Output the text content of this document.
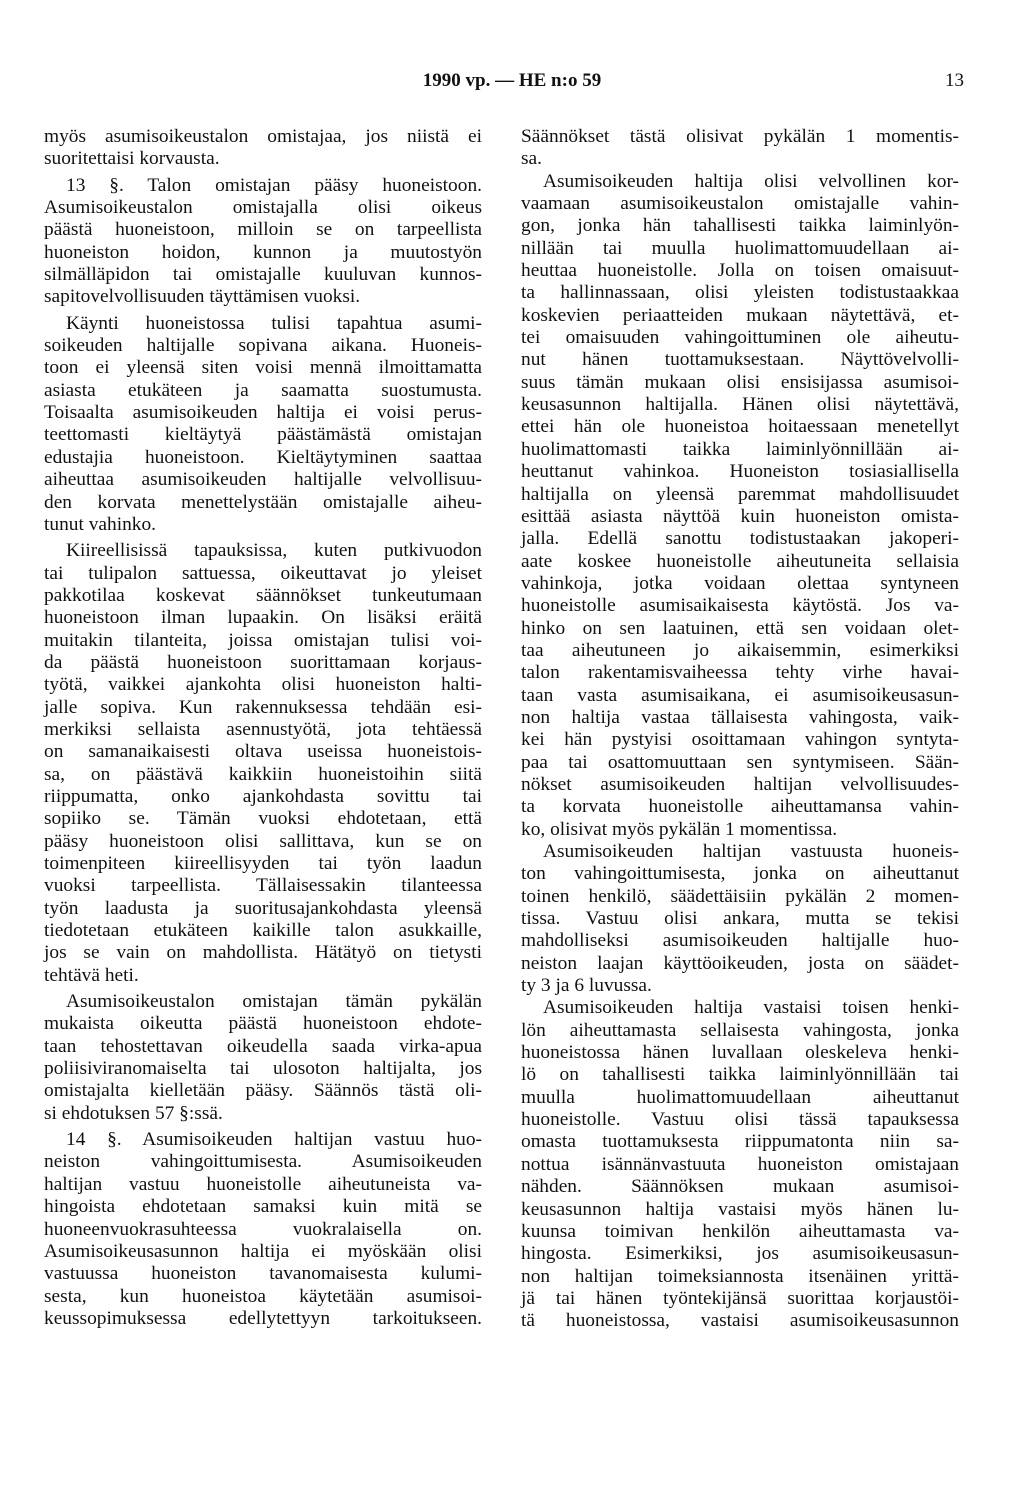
1990 vp. — HE n:o 59	13
myös asumisoikeustalon omistajaa, jos niistä ei
suoritettaisi korvausta.
13 §. Talon omistajan pääsy huoneistoon.
Asumisoikeustalon omistajalla olisi oikeus
päästä huoneistoon, milloin se on tarpeellista
huoneiston hoidon, kunnon ja muutostyön
silmälläpidon tai omistajalle kuuluvan kunnos-
sapitovelvollisuuden täyttämisen vuoksi.
Käynti huoneistossa tulisi tapahtua asumi-
soikeuden haltijalle sopivana aikana. Huoneis-
toon ei yleensä siten voisi mennä ilmoittamatta
asiasta etukäteen ja saamatta suostumusta.
Toisaalta asumisoikeuden haltija ei voisi perus-
teettomasti kieltäytyä päästämästä omistajan
edustajia huoneistoon. Kieltäytyminen saattaa
aiheuttaa asumisoikeuden haltijalle velvollisuu-
den korvata menettelystään omistajalle aiheu-
tunut vahinko.
Kiireellisissä tapauksissa, kuten putkivuodon
tai tulipalon sattuessa, oikeuttavat jo yleiset
pakkotilaa koskevat säännökset tunkeutumaan
huoneistoon ilman lupaakin. On lisäksi eräitä
muitakin tilanteita, joissa omistajan tulisi voi-
da päästä huoneistoon suorittamaan korjaus-
työtä, vaikkei ajankohta olisi huoneiston halti-
jalle sopiva. Kun rakennuksessa tehdään esi-
merkiksi sellaista asennustyötä, jota tehtäessä
on samanaikaisesti oltava useissa huoneistois-
sa, on päästävä kaikkiin huoneistoihin siitä
riippumatta, onko ajankohdasta sovittu tai
sopiiko se. Tämän vuoksi ehdotetaan, että
pääsy huoneistoon olisi sallittava, kun se on
toimenpiteen kiireellisyyden tai työn laadun
vuoksi tarpeellista. Tällaisessakin tilanteessa
työn laadusta ja suoritusajankohdasta yleensä
tiedotetaan etukäteen kaikille talon asukkaille,
jos se vain on mahdollista. Hätätyö on tietysti
tehtävä heti.
Asumisoikeustalon omistajan tämän pykälän
mukaista oikeutta päästä huoneistoon ehdote-
taan tehostettavan oikeudella saada virka-apua
poliisiviranomaiselta tai ulosoton haltijalta, jos
omistajalta kielletään pääsy. Säännös tästä oli-
si ehdotuksen 57 §:ssä.
14 §. Asumisoikeuden haltijan vastuu huo-
neiston vahingoittumisesta. Asumisoikeuden
haltijan vastuu huoneistolle aiheutuneista va-
hingoista ehdotetaan samaksi kuin mitä se
huoneenvuokrasuhteessa vuokralaisella on.
Asumisoikeusasunnon haltija ei myöskään olisi
vastuussa huoneiston tavanomaisesta kulumi-
sesta, kun huoneistoa käytetään asumisoi-
keussopimuksessa edellytettyyn tarkoitukseen.
Säännökset tästä olisivat pykälän 1 momentis-
sa.
Asumisoikeuden haltija olisi velvollinen kor-
vaamaan asumisoikeustalon omistajalle vahin-
gon, jonka hän tahallisesti taikka laiminlyön-
nillään tai muulla huolimattomuudellaan ai-
heuttaa huoneistolle. Jolla on toisen omaisuut-
ta hallinnassaan, olisi yleisten todistustaakkaa
koskevien periaatteiden mukaan näytettävä, et-
tei omaisuuden vahingoittuminen ole aiheutu-
nut hänen tuottamuksestaan. Näyttövelvolli-
suus tämän mukaan olisi ensisijassa asumisoi-
keusasunnon haltijalla. Hänen olisi näytettävä,
ettei hän ole huoneistoa hoitaessaan menetellyt
huolimattomasti taikka laiminlyönnillään ai-
heuttanut vahinkoa. Huoneiston tosiasiallisella
haltijalla on yleensä paremmat mahdollisuudet
esittää asiasta näyttöä kuin huoneiston omista-
jalla. Edellä sanottu todistustaakan jakoperi-
aate koskee huoneistolle aiheutuneita sellaisia
vahinkoja, jotka voidaan olettaa syntyneen
huoneistolle asumisaikaisesta käytöstä. Jos va-
hinko on sen laatuinen, että sen voidaan olet-
taa aiheutuneen jo aikaisemmin, esimerkiksi
talon rakentamisvaiheessa tehty virhe havai-
taan vasta asumisaikana, ei asumisoikeusasun-
non haltija vastaa tällaisesta vahingosta, vaik-
kei hän pystyisi osoittamaan vahingon syntyta-
paa tai osattomuuttaan sen syntymiseen. Sään-
nökset asumisoikeuden haltijan velvollisuudes-
ta korvata huoneistolle aiheuttamansa vahin-
ko, olisivat myös pykälän 1 momentissa.
Asumisoikeuden haltijan vastuusta huoneis-
ton vahingoittumisesta, jonka on aiheuttanut
toinen henkilö, säädettäisiin pykälän 2 momen-
tissa. Vastuu olisi ankara, mutta se tekisi
mahdolliseksi asumisoikeuden haltijalle huo-
neiston laajan käyttöoikeuden, josta on säädet-
ty 3 ja 6 luvussa.
Asumisoikeuden haltija vastaisi toisen henki-
lön aiheuttamasta sellaisesta vahingosta, jonka
huoneistossa hänen luvallaan oleskeleva henki-
lö on tahallisesti taikka laiminlyönnillään tai
muulla huolimattomuudellaan aiheuttanut
huoneistolle. Vastuu olisi tässä tapauksessa
omasta tuottamuksesta riippumatonta niin sa-
nottua isännänvastuuta huoneiston omistajaan
nähden. Säännöksen mukaan asumisoi-
keusasunnon haltija vastaisi myös hänen lu-
kuunsa toimivan henkilön aiheuttamasta va-
hingosta. Esimerkiksi, jos asumisoikeusasun-
non haltijan toimeksiannosta itsenäinen yrittä-
jä tai hänen työntekijänsä suorittaa korjaustöi-
tä huoneistossa, vastaisi asumisoikeusasunnon
